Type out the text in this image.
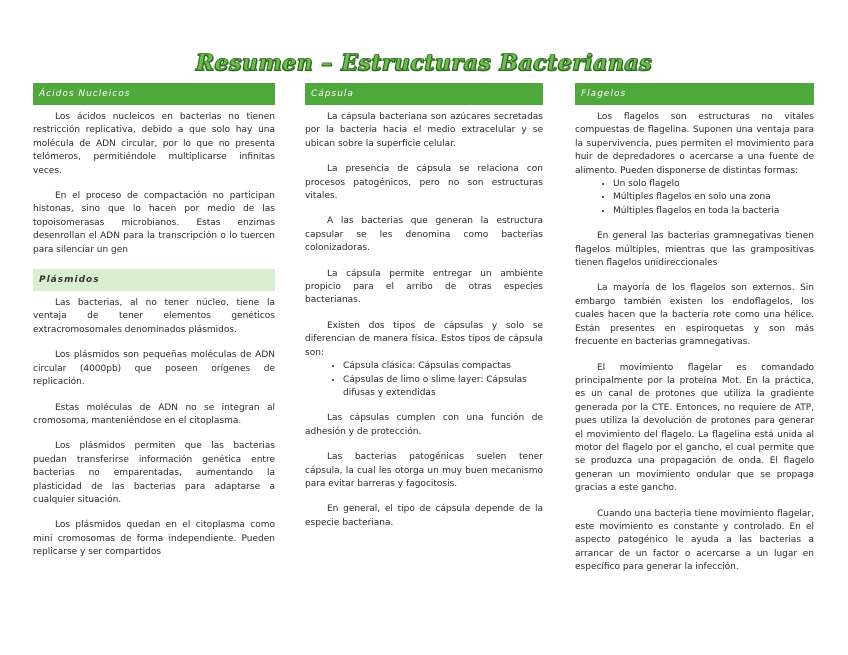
Resumen – Estructuras Bacterianas
Ácidos Nucleicos

Los ácidos nucleicos en bacterias no tienen restricción replicativa, debido a que solo hay una molécula de ADN circular, por lo que no presenta telómeros, permitiéndole multiplicarse infinitas veces.

En el proceso de compactación no participan histonas, sino que lo hacen por medio de las topoisomerasas microbianos. Estas enzimas desenrollan el ADN para la transcripción o lo tuercen para silenciar un gen

Plásmidos

Las bacterias, al no tener núcleo, tiene la ventaja de tener elementos genéticos extracromosomales denominados plásmidos.

Los plásmidos son pequeñas moléculas de ADN circular (4000pb) que poseen orígenes de replicación.

Estas moléculas de ADN no se integran al cromosoma, manteniéndose en el citoplasma.

Los plásmidos permiten que las bacterias puedan transferirse información genética entre bacterias no emparentadas, aumentando la plasticidad de las bacterias para adaptarse a cualquier situación.

Los plásmidos quedan en el citoplasma como mini cromosomas de forma independiente. Pueden replicarse y ser compartidos

Cápsula

La cápsula bacteriana son azúcares secretadas por la bacteria hacia el medio extracelular y se ubican sobre la superficie celular.

La presencia de cápsula se relaciona con procesos patogénicos, pero no son estructuras vitales.

A las bacterias que generan la estructura capsular se les denomina como bacterias colonizadoras.

La cápsula permite entregar un ambiente propicio para el arribo de otras especies bacterianas.

Existen dos tipos de cápsulas y solo se diferencian de manera física. Estos tipos de cápsula son:

• Cápsula clásica: Cápsulas compactas
• Cápsulas de limo o slime layer: Cápsulas difusas y extendidas

Las cápsulas cumplen con una función de adhesión y de protección.

Las bacterias patogénicas suelen tener cápsula, la cual les otorga un muy buen mecanismo para evitar barreras y fagocitosis.

En general, el tipo de cápsula depende de la especie bacteriana.

Flagelos

Los flagelos son estructuras no vitales compuestas de flagelina. Suponen una ventaja para la supervivencia, pues permiten el movimiento para huir de depredadores o acercarse a una fuente de alimento. Pueden disponerse de distintas formas:

• Un solo flagelo
• Múltiples flagelos en solo una zona
• Múltiples flagelos en toda la bacteria

En general las bacterias gramnegativas tienen flagelos múltiples, mientras que las grampositivas tienen flagelos unidireccionales

La mayoría de los flagelos son externos. Sin embargo también existen los endoflagelos, los cuales hacen que la bacteria rote como una hélice. Están presentes en espiroquetas y son más frecuente en bacterias gramnegativas.

El movimiento flagelar es comandado principalmente por la proteína Mot. En la práctica, es un canal de protones que utiliza la gradiente generada por la CTE. Entonces, no requiere de ATP, pues utiliza la devolución de protones para generar el movimiento del flagelo. La flagelina está unida al motor del flagelo por el gancho, el cual permite que se produzca una propagación de onda. El flagelo generan un movimiento ondular que se propaga gracias a este gancho.

Cuando una bacteria tiene movimiento flagelar, este movimiento es constante y controlado. En el aspecto patogénico le ayuda a las bacterias a arrancar de un factor o acercarse a un lugar en específico para generar la infección.
